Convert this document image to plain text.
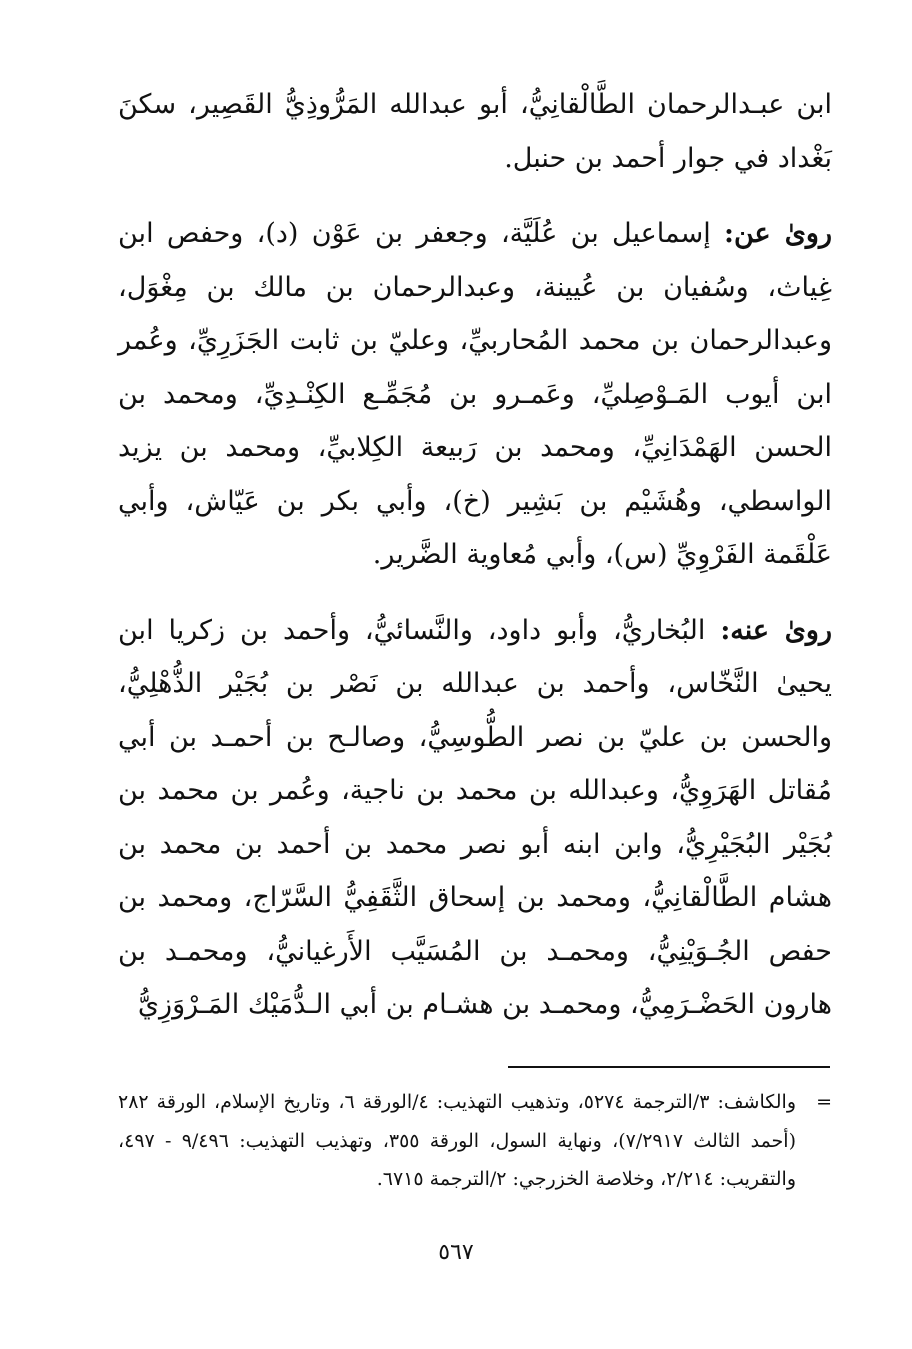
ابن عبـدالرحمان الطَّالْقانِيُّ، أبو عبدالله المَرُّوذِيُّ القَصِير، سكنَ بَغْداد في جوار أحمد بن حنبل.

روىٰ عن: إسماعيل بن عُلَيَّة، وجعفر بن عَوْن (د)، وحفص ابن غِياث، وسُفيان بن عُيينة، وعبدالرحمان بن مالك بن مِغْوَل، وعبدالرحمان بن محمد المُحاربيِّ، وعليّ بن ثابت الجَزَرِيِّ، وعُمر ابن أيوب المَـوْصِليِّ، وعَمـرو بن مُجَمِّـع الكِنْـدِيِّ، ومحمد بن الحسن الهَمْدَانِيِّ، ومحمد بن رَبيعة الكِلابيِّ، ومحمد بن يزيد الواسطي، وهُشَيْم بن بَشِير (خ)، وأبي بكر بن عَيّاش، وأبي عَلْقَمة الفَرْوِيِّ (س)، وأبي مُعاوية الضَّرير.

روىٰ عنه: البُخاريُّ، وأبو داود، والنَّسائيُّ، وأحمد بن زكريا ابن يحيىٰ النَّخّاس، وأحمد بن عبدالله بن نَصْر بن بُجَيْر الذُّهْلِيُّ، والحسن بن عليّ بن نصر الطُّوسِيُّ، وصالـح بن أحمـد بن أبي مُقاتل الهَرَوِيُّ، وعبدالله بن محمد بن ناجية، وعُمر بن محمد بن بُجَيْر البُجَيْرِيُّ، وابن ابنه أبو نصر محمد بن أحمد بن محمد بن هشام الطَّالْقانِيُّ، ومحمد بن إسحاق الثَّقَفِيُّ السَّرّاج، ومحمد بن حفص الجُـوَيْنِيُّ، ومحمـد بن المُسَيَّب الأَرغيانيُّ، ومحمـد بن هارون الحَضْـرَمِيُّ، ومحمـد بن هشـام بن أبي الـدُّمَيْك المَـرْوَزِيُّ

=
والكاشف: ٣/الترجمة ٥٢٧٤، وتذهيب التهذيب: ٤/الورقة ٦، وتاريخ الإسلام، الورقة ٢٨٢ (أحمد الثالث ٧/٢٩١٧)، ونهاية السول، الورقة ٣٥٥، وتهذيب التهذيب: ٩/٤٩٦ - ٤٩٧، والتقريب: ٢/٢١٤، وخلاصة الخزرجي: ٢/الترجمة ٦٧١٥.
٥٦٧
